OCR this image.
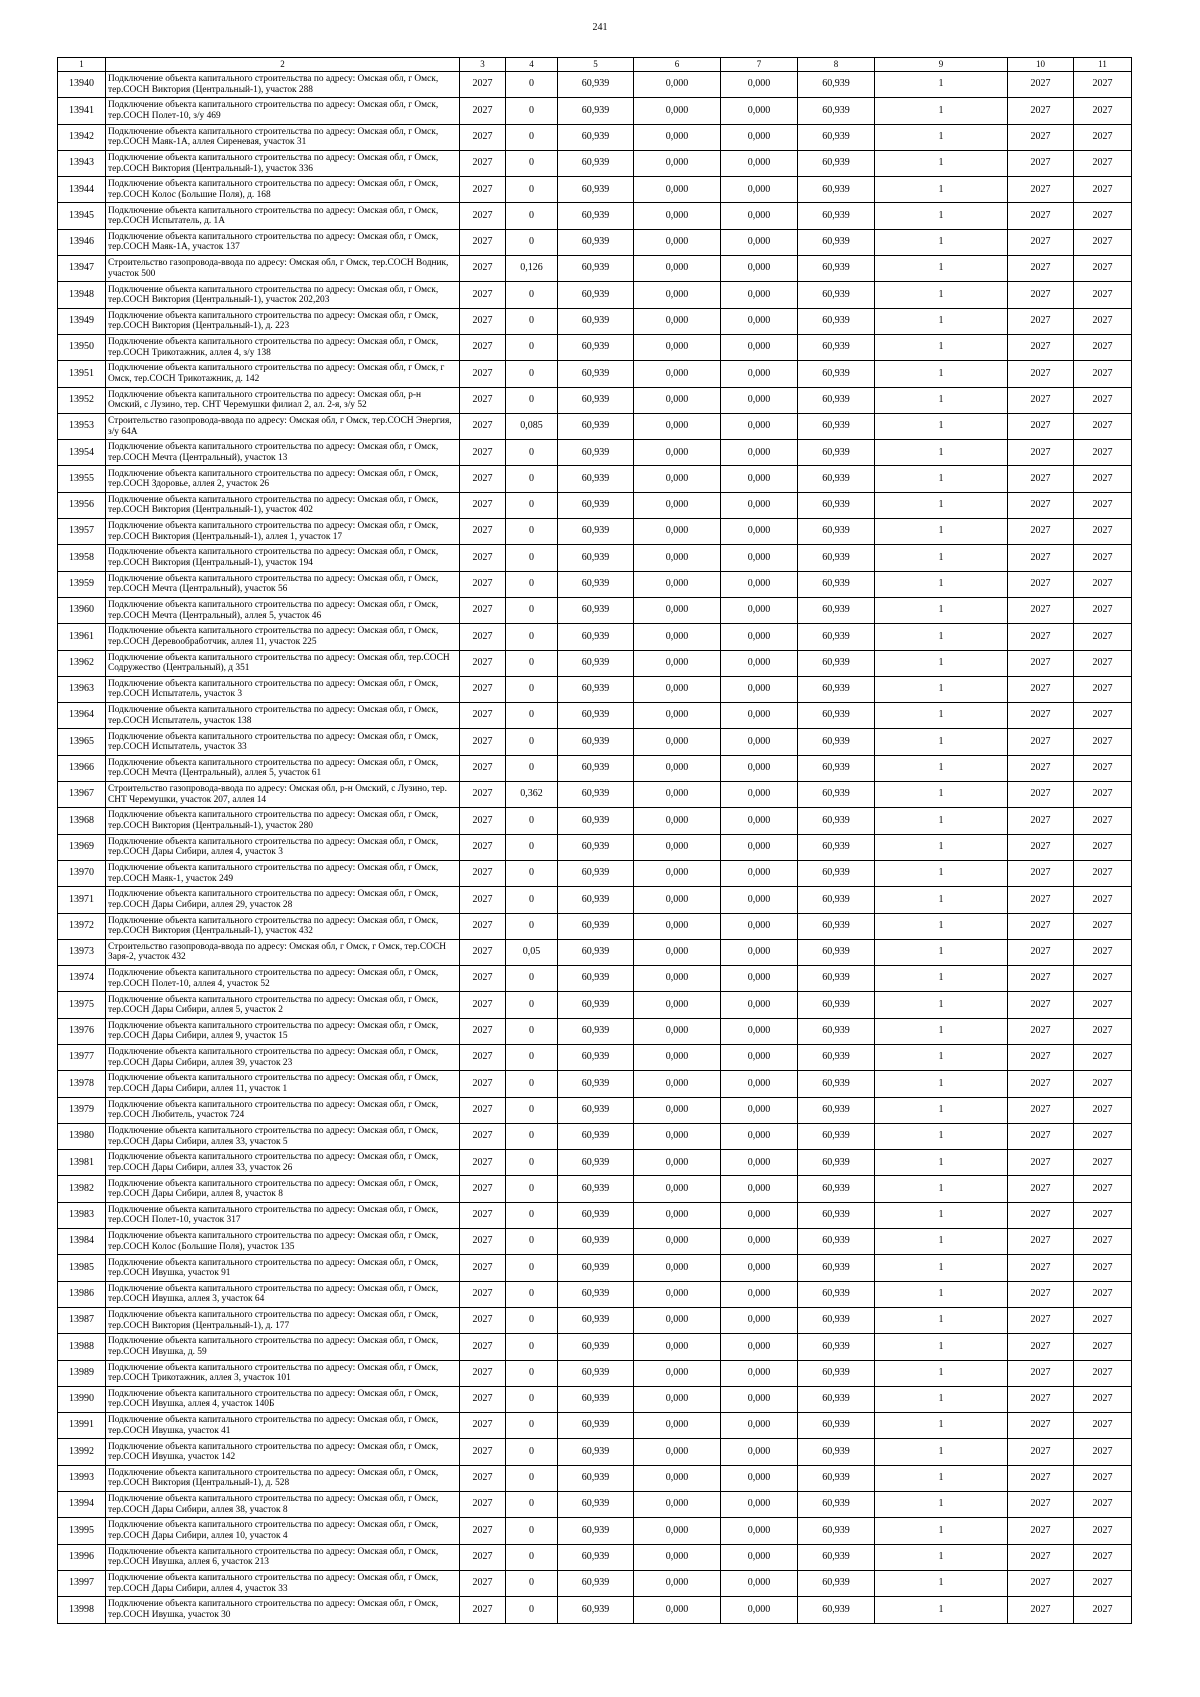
241
1	2	3	4	5	6	7	8	9	10	11
13940	Подключение объекта капитального строительства по адресу: Омская обл, г Омск, тер.СОСН Виктория (Центральный-1), участок 288	2027	0	60,939	0,000	0,000	60,939	1	2027	2027
13941	Подключение объекта капитального строительства по адресу: Омская обл, г Омск, тер.СОСН Полет-10, з/у 469	2027	0	60,939	0,000	0,000	60,939	1	2027	2027
13942	Подключение объекта капитального строительства по адресу: Омская обл, г Омск, тер.СОСН Маяк-1А, аллея Сиреневая, участок 31	2027	0	60,939	0,000	0,000	60,939	1	2027	2027
13943	Подключение объекта капитального строительства по адресу: Омская обл, г Омск, тер.СОСН Виктория (Центральный-1), участок 336	2027	0	60,939	0,000	0,000	60,939	1	2027	2027
13944	Подключение объекта капитального строительства по адресу: Омская обл, г Омск, тер.СОСН Колос (Большие Поля), д. 168	2027	0	60,939	0,000	0,000	60,939	1	2027	2027
13945	Подключение объекта капитального строительства по адресу: Омская обл, г Омск, тер.СОСН Испытатель, д. 1А	2027	0	60,939	0,000	0,000	60,939	1	2027	2027
13946	Подключение объекта капитального строительства по адресу: Омская обл, г Омск, тер.СОСН Маяк-1А, участок 137	2027	0	60,939	0,000	0,000	60,939	1	2027	2027
13947	Строительство газопровода-ввода по адресу: Омская обл, г Омск, тер.СОСН Водник, участок 500	2027	0,126	60,939	0,000	0,000	60,939	1	2027	2027
13948	Подключение объекта капитального строительства по адресу: Омская обл, г Омск, тер.СОСН Виктория (Центральный-1), участок 202,203	2027	0	60,939	0,000	0,000	60,939	1	2027	2027
13949	Подключение объекта капитального строительства по адресу: Омская обл, г Омск, тер.СОСН Виктория (Центральный-1), д. 223	2027	0	60,939	0,000	0,000	60,939	1	2027	2027
13950	Подключение объекта капитального строительства по адресу: Омская обл, г Омск, тер.СОСН Трикотажник, аллея 4, з/у 138	2027	0	60,939	0,000	0,000	60,939	1	2027	2027
13951	Подключение объекта капитального строительства по адресу: Омская обл, г Омск, г Омск, тер.СОСН Трикотажник, д. 142	2027	0	60,939	0,000	0,000	60,939	1	2027	2027
13952	Подключение объекта капитального строительства по адресу: Омская обл, р-н Омский, с Лузино, тер. СНТ Черемушки филиал 2, ал. 2-я, з/у 52	2027	0	60,939	0,000	0,000	60,939	1	2027	2027
13953	Строительство газопровода-ввода по адресу: Омская обл, г Омск, тер.СОСН Энергия, з/у 64А	2027	0,085	60,939	0,000	0,000	60,939	1	2027	2027
13954	Подключение объекта капитального строительства по адресу: Омская обл, г Омск, тер.СОСН Мечта (Центральный), участок 13	2027	0	60,939	0,000	0,000	60,939	1	2027	2027
13955	Подключение объекта капитального строительства по адресу: Омская обл, г Омск, тер.СОСН Здоровье, аллея 2, участок 26	2027	0	60,939	0,000	0,000	60,939	1	2027	2027
13956	Подключение объекта капитального строительства по адресу: Омская обл, г Омск, тер.СОСН Виктория (Центральный-1), участок 402	2027	0	60,939	0,000	0,000	60,939	1	2027	2027
13957	Подключение объекта капитального строительства по адресу: Омская обл, г Омск, тер.СОСН Виктория (Центральный-1), аллея 1, участок 17	2027	0	60,939	0,000	0,000	60,939	1	2027	2027
13958	Подключение объекта капитального строительства по адресу: Омская обл, г Омск, тер.СОСН Виктория (Центральный-1), участок 194	2027	0	60,939	0,000	0,000	60,939	1	2027	2027
13959	Подключение объекта капитального строительства по адресу: Омская обл, г Омск, тер.СОСН Мечта (Центральный), участок 56	2027	0	60,939	0,000	0,000	60,939	1	2027	2027
13960	Подключение объекта капитального строительства по адресу: Омская обл, г Омск, тер.СОСН Мечта (Центральный), аллея 5, участок 46	2027	0	60,939	0,000	0,000	60,939	1	2027	2027
13961	Подключение объекта капитального строительства по адресу: Омская обл, г Омск, тер.СОСН Деревообработчик, аллея 11, участок 225	2027	0	60,939	0,000	0,000	60,939	1	2027	2027
13962	Подключение объекта капитального строительства по адресу: Омская обл, тер.СОСН Содружество (Центральный), д 351	2027	0	60,939	0,000	0,000	60,939	1	2027	2027
13963	Подключение объекта капитального строительства по адресу: Омская обл, г Омск, тер.СОСН Испытатель, участок 3	2027	0	60,939	0,000	0,000	60,939	1	2027	2027
13964	Подключение объекта капитального строительства по адресу: Омская обл, г Омск, тер.СОСН Испытатель, участок 138	2027	0	60,939	0,000	0,000	60,939	1	2027	2027
13965	Подключение объекта капитального строительства по адресу: Омская обл, г Омск, тер.СОСН Испытатель, участок 33	2027	0	60,939	0,000	0,000	60,939	1	2027	2027
13966	Подключение объекта капитального строительства по адресу: Омская обл, г Омск, тер.СОСН Мечта (Центральный), аллея 5, участок 61	2027	0	60,939	0,000	0,000	60,939	1	2027	2027
13967	Строительство газопровода-ввода по адресу: Омская обл, р-н Омский, с Лузино, тер. СНТ Черемушки, участок 207, аллея 14	2027	0,362	60,939	0,000	0,000	60,939	1	2027	2027
13968	Подключение объекта капитального строительства по адресу: Омская обл, г Омск, тер.СОСН Виктория (Центральный-1), участок 280	2027	0	60,939	0,000	0,000	60,939	1	2027	2027
13969	Подключение объекта капитального строительства по адресу: Омская обл, г Омск, тер.СОСН Дары Сибири, аллея 4, участок 3	2027	0	60,939	0,000	0,000	60,939	1	2027	2027
13970	Подключение объекта капитального строительства по адресу: Омская обл, г Омск, тер.СОСН Маяк-1, участок 249	2027	0	60,939	0,000	0,000	60,939	1	2027	2027
13971	Подключение объекта капитального строительства по адресу: Омская обл, г Омск, тер.СОСН Дары Сибири, аллея 29, участок 28	2027	0	60,939	0,000	0,000	60,939	1	2027	2027
13972	Подключение объекта капитального строительства по адресу: Омская обл, г Омск, тер.СОСН Виктория (Центральный-1), участок 432	2027	0	60,939	0,000	0,000	60,939	1	2027	2027
13973	Строительство газопровода-ввода по адресу: Омская обл, г Омск, г Омск, тер.СОСН Заря-2, участок 432	2027	0,05	60,939	0,000	0,000	60,939	1	2027	2027
13974	Подключение объекта капитального строительства по адресу: Омская обл, г Омск, тер.СОСН Полет-10, аллея 4, участок 52	2027	0	60,939	0,000	0,000	60,939	1	2027	2027
13975	Подключение объекта капитального строительства по адресу: Омская обл, г Омск, тер.СОСН Дары Сибири, аллея 5, участок 2	2027	0	60,939	0,000	0,000	60,939	1	2027	2027
13976	Подключение объекта капитального строительства по адресу: Омская обл, г Омск, тер.СОСН Дары Сибири, аллея 9, участок 15	2027	0	60,939	0,000	0,000	60,939	1	2027	2027
13977	Подключение объекта капитального строительства по адресу: Омская обл, г Омск, тер.СОСН Дары Сибири, аллея 39, участок 23	2027	0	60,939	0,000	0,000	60,939	1	2027	2027
13978	Подключение объекта капитального строительства по адресу: Омская обл, г Омск, тер.СОСН Дары Сибири, аллея 11, участок 1	2027	0	60,939	0,000	0,000	60,939	1	2027	2027
13979	Подключение объекта капитального строительства по адресу: Омская обл, г Омск, тер.СОСН Любитель, участок 724	2027	0	60,939	0,000	0,000	60,939	1	2027	2027
13980	Подключение объекта капитального строительства по адресу: Омская обл, г Омск, тер.СОСН Дары Сибири, аллея 33, участок 5	2027	0	60,939	0,000	0,000	60,939	1	2027	2027
13981	Подключение объекта капитального строительства по адресу: Омская обл, г Омск, тер.СОСН Дары Сибири, аллея 33, участок 26	2027	0	60,939	0,000	0,000	60,939	1	2027	2027
13982	Подключение объекта капитального строительства по адресу: Омская обл, г Омск, тер.СОСН Дары Сибири, аллея 8, участок 8	2027	0	60,939	0,000	0,000	60,939	1	2027	2027
13983	Подключение объекта капитального строительства по адресу: Омская обл, г Омск, тер.СОСН Полет-10, участок 317	2027	0	60,939	0,000	0,000	60,939	1	2027	2027
13984	Подключение объекта капитального строительства по адресу: Омская обл, г Омск, тер.СОСН Колос (Большие Поля), участок 135	2027	0	60,939	0,000	0,000	60,939	1	2027	2027
13985	Подключение объекта капитального строительства по адресу: Омская обл, г Омск, тер.СОСН Ивушка, участок 91	2027	0	60,939	0,000	0,000	60,939	1	2027	2027
13986	Подключение объекта капитального строительства по адресу: Омская обл, г Омск, тер.СОСН Ивушка, аллея 3, участок 64	2027	0	60,939	0,000	0,000	60,939	1	2027	2027
13987	Подключение объекта капитального строительства по адресу: Омская обл, г Омск, тер.СОСН Виктория (Центральный-1), д. 177	2027	0	60,939	0,000	0,000	60,939	1	2027	2027
13988	Подключение объекта капитального строительства по адресу: Омская обл, г Омск, тер.СОСН Ивушка, д. 59	2027	0	60,939	0,000	0,000	60,939	1	2027	2027
13989	Подключение объекта капитального строительства по адресу: Омская обл, г Омск, тер.СОСН Трикотажник, аллея 3, участок 101	2027	0	60,939	0,000	0,000	60,939	1	2027	2027
13990	Подключение объекта капитального строительства по адресу: Омская обл, г Омск, тер.СОСН Ивушка, аллея 4, участок 140Б	2027	0	60,939	0,000	0,000	60,939	1	2027	2027
13991	Подключение объекта капитального строительства по адресу: Омская обл, г Омск, тер.СОСН Ивушка, участок 41	2027	0	60,939	0,000	0,000	60,939	1	2027	2027
13992	Подключение объекта капитального строительства по адресу: Омская обл, г Омск, тер.СОСН Ивушка, участок 142	2027	0	60,939	0,000	0,000	60,939	1	2027	2027
13993	Подключение объекта капитального строительства по адресу: Омская обл, г Омск, тер.СОСН Виктория (Центральный-1), д. 528	2027	0	60,939	0,000	0,000	60,939	1	2027	2027
13994	Подключение объекта капитального строительства по адресу: Омская обл, г Омск, тер.СОСН Дары Сибири, аллея 38, участок 8	2027	0	60,939	0,000	0,000	60,939	1	2027	2027
13995	Подключение объекта капитального строительства по адресу: Омская обл, г Омск, тер.СОСН Дары Сибири, аллея 10, участок 4	2027	0	60,939	0,000	0,000	60,939	1	2027	2027
13996	Подключение объекта капитального строительства по адресу: Омская обл, г Омск, тер.СОСН Ивушка, аллея 6, участок 213	2027	0	60,939	0,000	0,000	60,939	1	2027	2027
13997	Подключение объекта капитального строительства по адресу: Омская обл, г Омск, тер.СОСН Дары Сибири, аллея 4, участок 33	2027	0	60,939	0,000	0,000	60,939	1	2027	2027
13998	Подключение объекта капитального строительства по адресу: Омская обл, г Омск, тер.СОСН Ивушка, участок 30	2027	0	60,939	0,000	0,000	60,939	1	2027	2027
